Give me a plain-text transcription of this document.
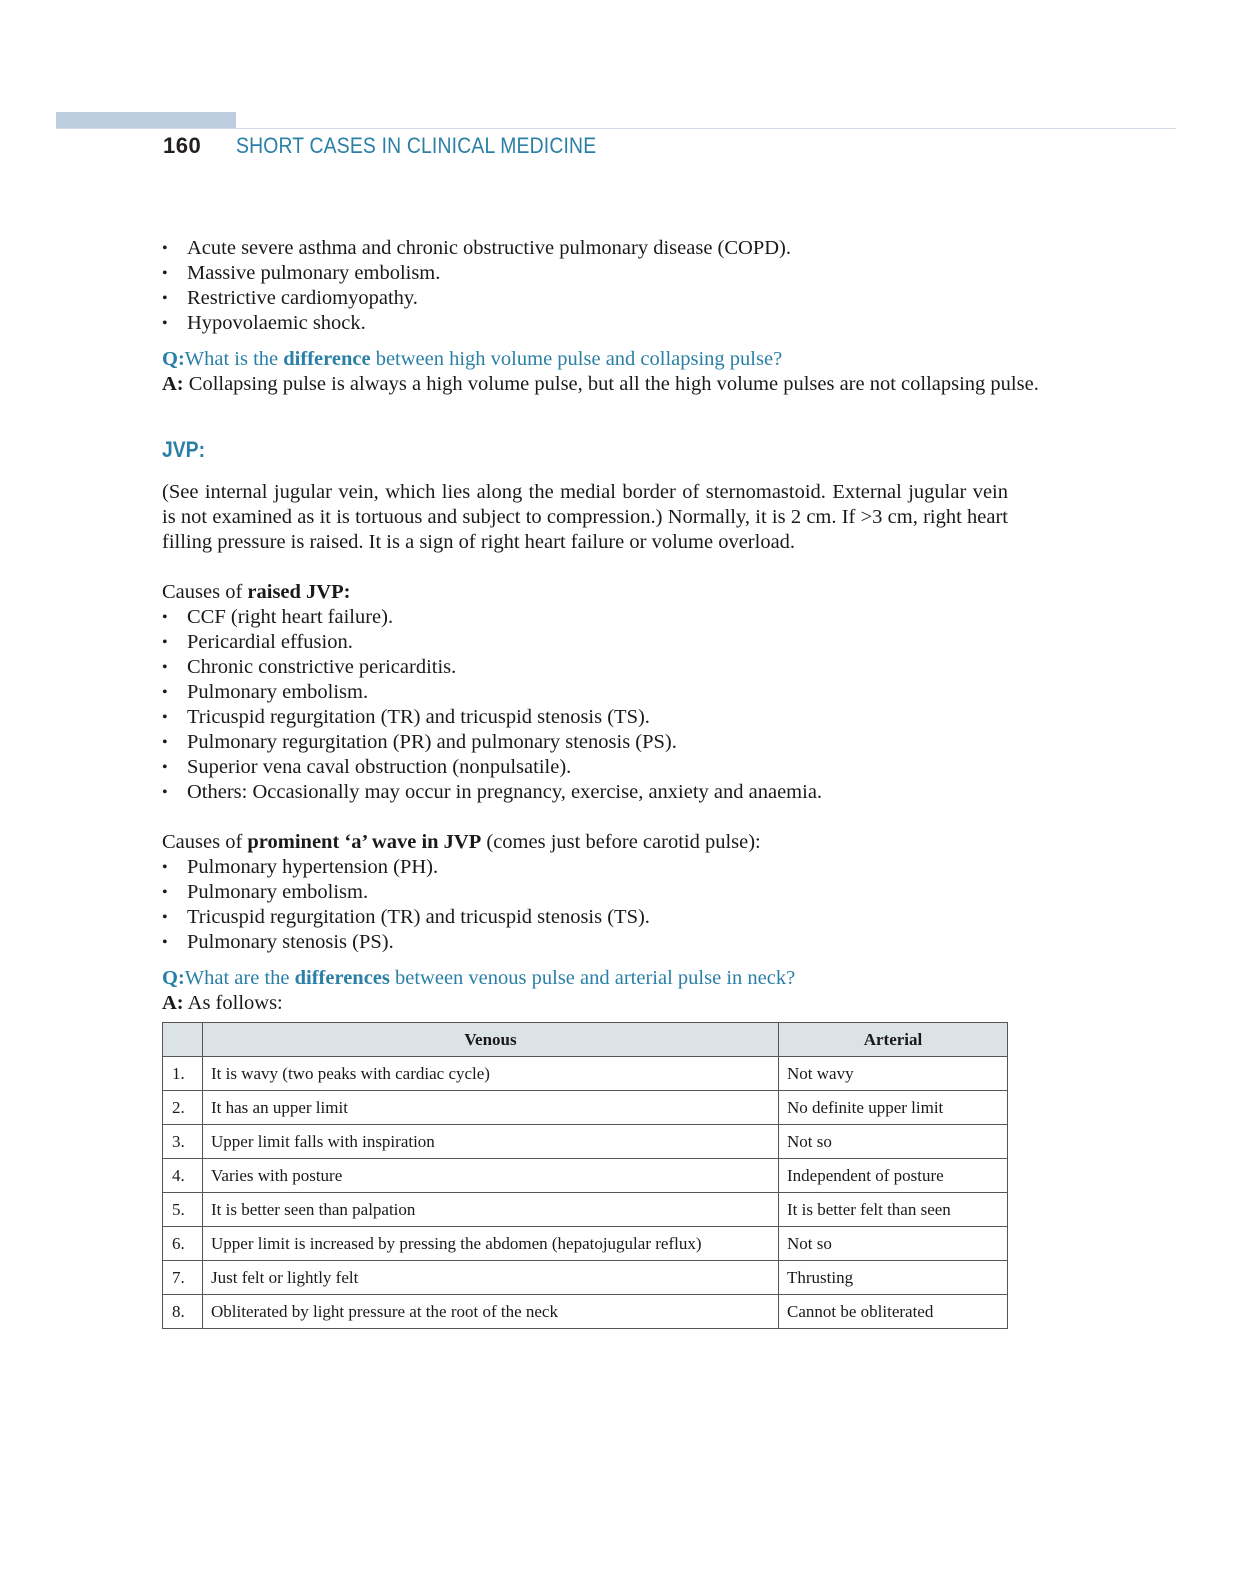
160	SHORT CASES IN CLINICAL MEDICINE
• Acute severe asthma and chronic obstructive pulmonary disease (COPD).
• Massive pulmonary embolism.
• Restrictive cardiomyopathy.
• Hypovolaemic shock.
Q:What is the difference between high volume pulse and collapsing pulse?
A: Collapsing pulse is always a high volume pulse, but all the high volume pulses are not collapsing pulse.
JVP:
(See internal jugular vein, which lies along the medial border of sternomastoid. External jugular vein is not examined as it is tortuous and subject to compression.) Normally, it is 2 cm. If >3 cm, right heart filling pressure is raised. It is a sign of right heart failure or volume overload.
Causes of raised JVP:
• CCF (right heart failure).
• Pericardial effusion.
• Chronic constrictive pericarditis.
• Pulmonary embolism.
• Tricuspid regurgitation (TR) and tricuspid stenosis (TS).
• Pulmonary regurgitation (PR) and pulmonary stenosis (PS).
• Superior vena caval obstruction (nonpulsatile).
• Others: Occasionally may occur in pregnancy, exercise, anxiety and anaemia.
Causes of prominent ‘a’ wave in JVP (comes just before carotid pulse):
• Pulmonary hypertension (PH).
• Pulmonary embolism.
• Tricuspid regurgitation (TR) and tricuspid stenosis (TS).
• Pulmonary stenosis (PS).
Q:What are the differences between venous pulse and arterial pulse in neck?
A: As follows:
	Venous	Arterial
1.	It is wavy (two peaks with cardiac cycle)	Not wavy
2.	It has an upper limit	No definite upper limit
3.	Upper limit falls with inspiration	Not so
4.	Varies with posture	Independent of posture
5.	It is better seen than palpation	It is better felt than seen
6.	Upper limit is increased by pressing the abdomen (hepatojugular reflux)	Not so
7.	Just felt or lightly felt	Thrusting
8.	Obliterated by light pressure at the root of the neck	Cannot be obliterated
